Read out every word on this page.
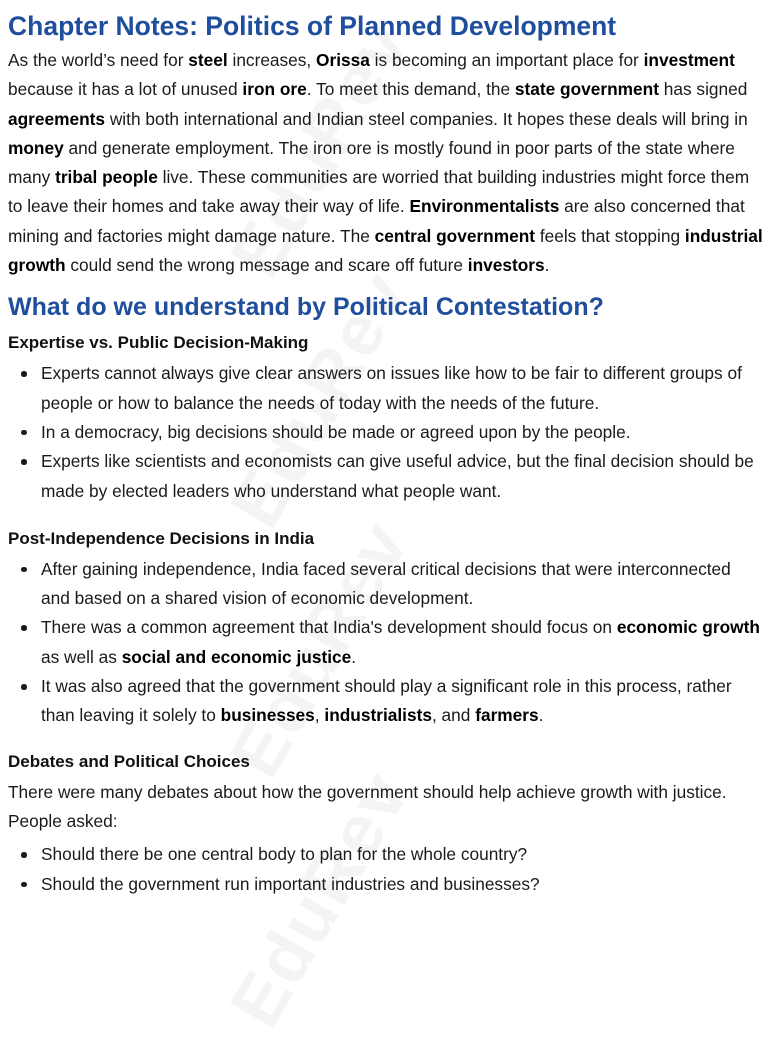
Chapter Notes: Politics of Planned Development

As the world’s need for steel increases, Orissa is becoming an important place for investment because it has a lot of unused iron ore. To meet this demand, the state government has signed agreements with both international and Indian steel companies. It hopes these deals will bring in money and generate employment. The iron ore is mostly found in poor parts of the state where many tribal people live. These communities are worried that building industries might force them to leave their homes and take away their way of life. Environmentalists are also concerned that mining and factories might damage nature. The central government feels that stopping industrial growth could send the wrong message and scare off future investors.

What do we understand by Political Contestation?
Expertise vs. Public Decision-Making
Experts cannot always give clear answers on issues like how to be fair to different groups of people or how to balance the needs of today with the needs of the future.
In a democracy, big decisions should be made or agreed upon by the people.
Experts like scientists and economists can give useful advice, but the final decision should be made by elected leaders who understand what people want.
Post-Independence Decisions in India
After gaining independence, India faced several critical decisions that were interconnected and based on a shared vision of economic development.
There was a common agreement that India's development should focus on economic growth as well as social and economic justice.
It was also agreed that the government should play a significant role in this process, rather than leaving it solely to businesses, industrialists, and farmers.
Debates and Political Choices

There were many debates about how the government should help achieve growth with justice. People asked:

Should there be one central body to plan for the whole country?
Should the government run important industries and businesses?
